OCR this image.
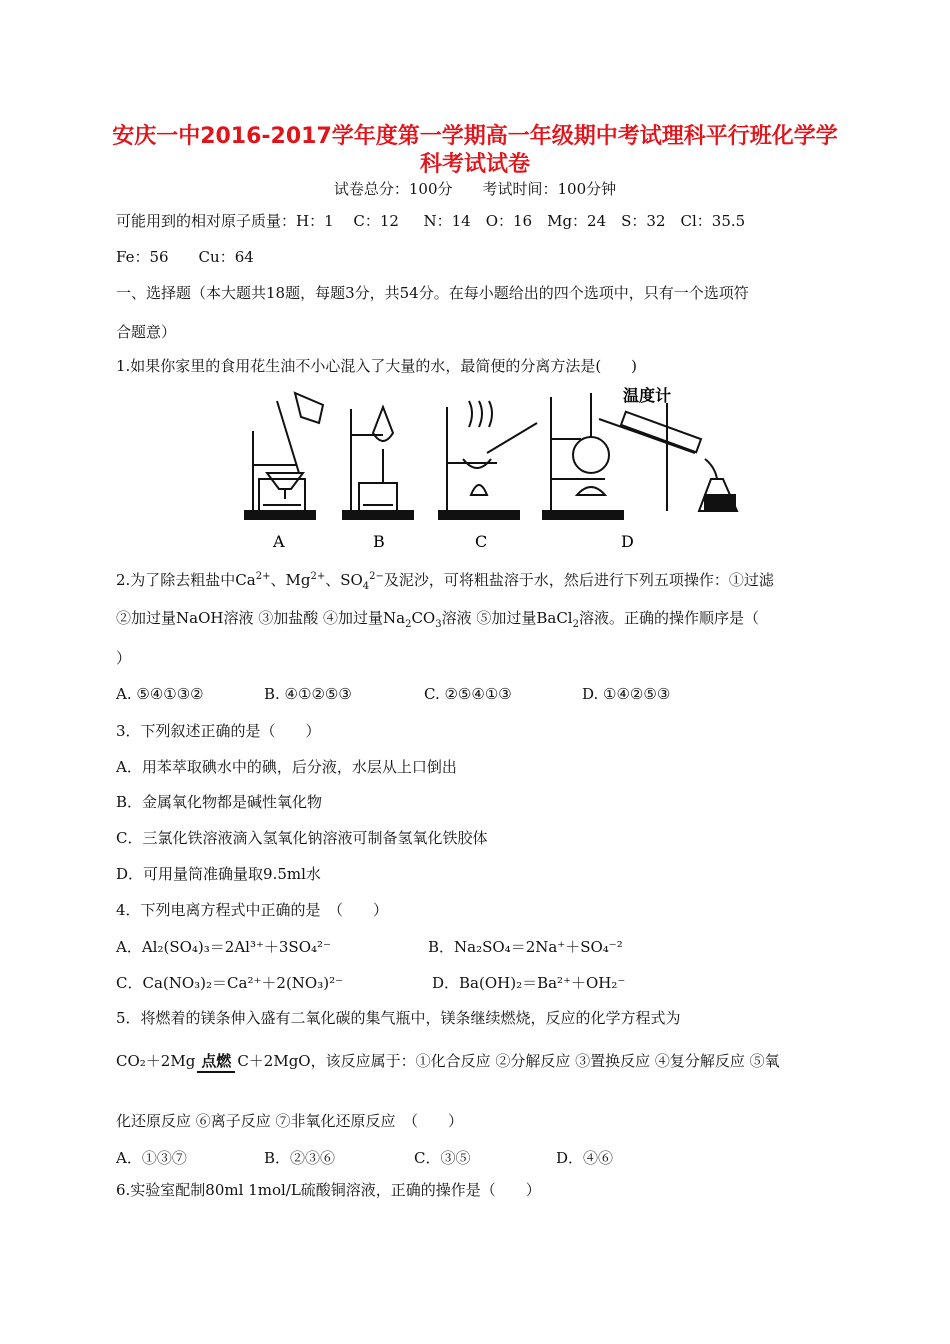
安庆一中2016-2017学年度第一学期高一年级期中考试理科平行班化学学
科考试试卷
试卷总分：100分　　考试时间：100分钟
可能用到的相对原子质量：H：1　 C：12 　 N：14　O：16　Mg：24　S：32　Cl：35.5
Fe：56　　Cu：64
一、选择题（本大题共18题，每题3分，共54分。在每小题给出的四个选项中，只有一个选项符
合题意）
1.如果你家里的食用花生油不小心混入了大量的水，最简便的分离方法是(　　)
温度计
A	B	C	D
2.为了除去粗盐中$Ca^{2+}$、$Mg^{2+}$、$SO_4^{2-}$及泥沙，可将粗盐溶于水，然后进行下列五项操作：①过滤
②加过量NaOH溶液 ③加盐酸 ④加过量$Na_2CO_3$溶液 ⑤加过量BaCl$_2$溶液。正确的操作顺序是（
）
A. ⑤④①③②	B. ④①②⑤③	C. ②⑤④①③	D. ①④②⑤③
3．下列叙述正确的是（　　）
A．用苯萃取碘水中的碘，后分液，水层从上口倒出
B．金属氧化物都是碱性氧化物
C．三氯化铁溶液滴入氢氧化钠溶液可制备氢氧化铁胶体
D．可用量筒准确量取9.5ml水
4．下列电离方程式中正确的是　（　　）
A．Al₂(SO₄)₃＝2Al³⁺＋3SO₄²⁻	B．Na₂SO₄＝2Na⁺＋SO₄⁻²
C．Ca(NO₃)₂＝Ca²⁺＋2(NO₃)²⁻	D．Ba(OH)₂＝Ba²⁺＋OH₂⁻
5．将燃着的镁条伸入盛有二氧化碳的集气瓶中，镁条继续燃烧，反应的化学方程式为
CO₂＋2Mg 点燃 C＋2MgO，该反应属于：①化合反应 ②分解反应 ③置换反应 ④复分解反应 ⑤氧
化还原反应 ⑥离子反应 ⑦非氧化还原反应　（　　）
A．①③⑦	B．②③⑥	C．③⑤	D．④⑥
6.实验室配制80ml 1mol/L硫酸铜溶液，正确的操作是（　　）
